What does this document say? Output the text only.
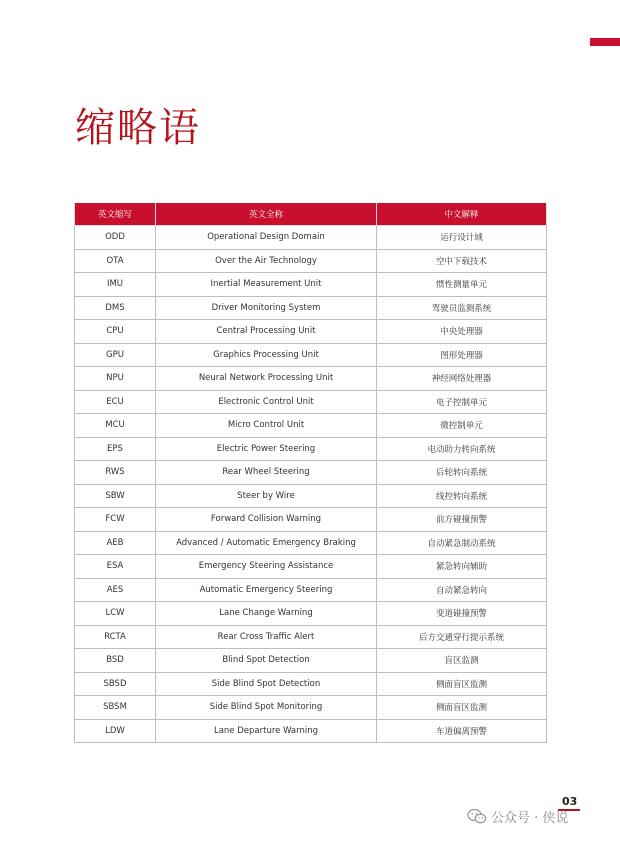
缩略语
英文缩写	英文全称	中文解释
ODD	Operational Design Domain	运行设计域
OTA	Over the Air Technology	空中下载技术
IMU	Inertial Measurement Unit	惯性测量单元
DMS	Driver Monitoring System	驾驶员监测系统
CPU	Central Processing Unit	中央处理器
GPU	Graphics Processing Unit	图形处理器
NPU	Neural Network Processing Unit	神经网络处理器
ECU	Electronic Control Unit	电子控制单元
MCU	Micro Control Unit	微控制单元
EPS	Electric Power Steering	电动助力转向系统
RWS	Rear Wheel Steering	后轮转向系统
SBW	Steer by Wire	线控转向系统
FCW	Forward Collision Warning	前方碰撞预警
AEB	Advanced / Automatic Emergency Braking	自动紧急制动系统
ESA	Emergency Steering Assistance	紧急转向辅助
AES	Automatic Emergency Steering	自动紧急转向
LCW	Lane Change Warning	变道碰撞预警
RCTA	Rear Cross Traffic Alert	后方交通穿行提示系统
BSD	Blind Spot Detection	盲区监测
SBSD	Side Blind Spot Detection	侧面盲区监测
SBSM	Side Blind Spot Monitoring	侧面盲区监测
LDW	Lane Departure Warning	车道偏离预警
03
公众号 · 侠说
